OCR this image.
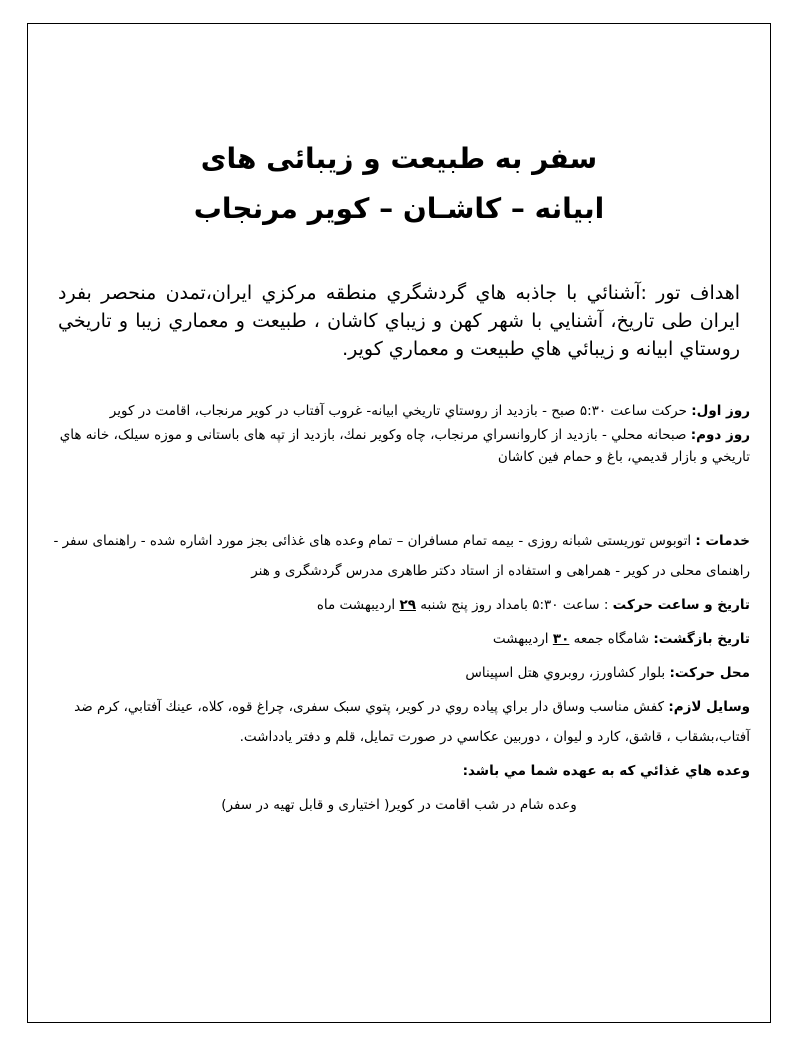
سفر به طبیعت و زیبائی های
ابیانه – کاشـان – کویر مرنجاب
اهداف تور :آشنائي با جاذبه هاي گردشگري منطقه مركزي ايران،تمدن منحصر بفرد ايران طی تاريخ، آشنايي با شهر كهن و زيباي كاشان ، طبيعت و معماري زيبا و تاريخي روستاي ابيانه و زيبائي هاي طبيعت و معماري كوير.

روز اول: حركت ساعت ۵:۳۰ صبح - بازدید از روستاي تاريخي ابيانه- غروب آفتاب در كوير مرنجاب، اقامت در كوير

روز دوم: صبحانه محلي - بازديد از كاروانسراي مرنجاب، چاه وكوير نمك، بازدید از تپه های باستانی و موزه سیلک، خانه هاي تاريخي و بازار قديمي، باغ و حمام فين كاشان

خدمات : اتوبوس توریستی شبانه روزی - بیمه تمام مسافران – تمام وعده های غذائی بجز مورد اشاره شده - راهنمای سفر - راهنمای محلی در کویر - همراهی و استفاده از استاد دکتر طاهری مدرس گردشگری و هنر

تاريخ و ساعت حركت : ساعت ۵:۳۰ بامداد روز پنج شنبه ۲۹ ارديبهشت ماه

تاريخ بازگشت: شامگاه جمعه ۳۰ ارديبهشت

محل حركت: بلوار كشاورز، روبروي هتل اسپيناس

وسايل لازم: كفش مناسب وساق دار براي پياده روي در كوير، پتوي سبک سفری، چراغ قوه، كلاه، عينك آفتابي، كرم ضد آفتاب،بشقاب ، قاشق، كارد و ليوان ، دوربين عكاسي در صورت تمايل، قلم و دفتر يادداشت.

وعده هاي غذائي كه به عهده شما مي باشد:

وعده شام در شب اقامت در كوير( اختیاری و قابل تهیه در سفر)
